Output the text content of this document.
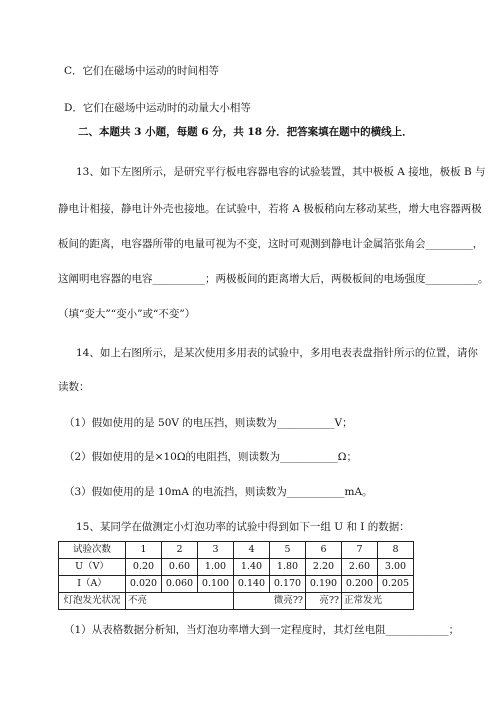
C．它们在磁场中运动的时间相等
D．它们在磁场中运动时的动量大小相等
二、本题共 3 小题，每题 6 分，共 18 分．把答案填在题中的横线上．
13、如下左图所示，是研究平行板电容器电容的试验装置，其中极板 A 接地，极板 B 与
静电计相接，静电计外壳也接地。在试验中，若将 A 极板稍向左移动某些，增大电容器两极
板间的距离，电容器所带的电量可视为不变，这时可观测到静电计金属箔张角会_________，
这阐明电容器的电容__________；两极板间的距离增大后，两极板间的电场强度__________。
（填“变大”“变小”或“不变”）
14、如上右图所示，是某次使用多用表的试验中，多用电表表盘指针所示的位置，请你
读数：
（1）假如使用的是 50V 的电压挡，则读数为___________V；
（2）假如使用的是×10Ω的电阻挡，则读数为___________Ω；
（3）假如使用的是 10mA 的电流挡，则读数为___________mA。
15、某同学在做测定小灯泡功率的试验中得到如下一组 U 和 I 的数据：
试验次数	1	2	3	4	5	6	7	8
U（V）	0.20	0.60	1.00	1.40	1.80	2.20	2.60	3.00
I（A）	0.020	0.060	0.100	0.140	0.170	0.190	0.200	0.205
灯泡发光状况	不亮			微亮??		亮??	正常发光	
（1）从表格数据分析知，当灯泡功率增大到一定程度时，其灯丝电阻____________；
